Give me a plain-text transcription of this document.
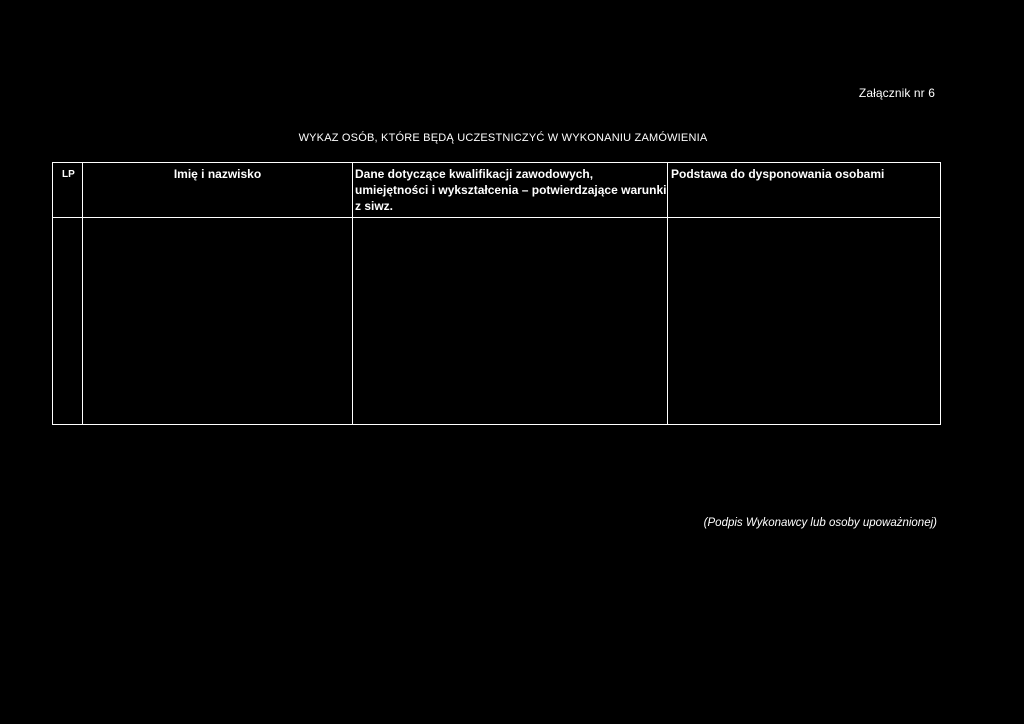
Załącznik nr 6
WYKAZ OSÓB, KTÓRE BĘDĄ UCZESTNICZYĆ W WYKONANIU ZAMÓWIENIA
LP	Imię i nazwisko	Dane dotyczące kwalifikacji zawodowych, umiejętności i wykształcenia – potwierdzające warunki z siwz.	Podstawa do dysponowania osobami

(Podpis Wykonawcy lub osoby upoważnionej)
